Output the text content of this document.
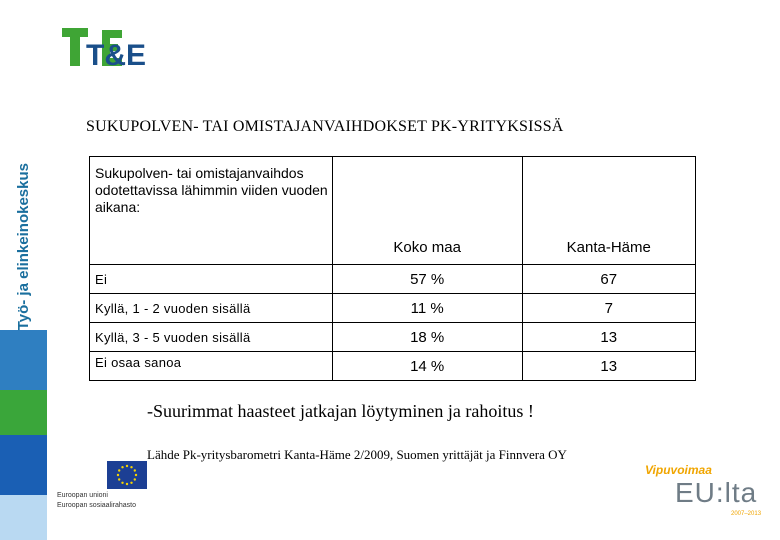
Työ- ja elinkeinokeskus
T&E
SUKUPOLVEN- TAI OMISTAJANVAIHDOKSET PK-YRITYKSISSÄ
Sukupolven- tai omistajanvaihdos odotettavissa lähimmin viiden vuoden aikana:	Koko maa	Kanta-Häme
Ei	57 %	67
Kyllä, 1 - 2 vuoden sisällä	11 %	7
Kyllä, 3 - 5 vuoden sisällä	18 %	13
Ei osaa sanoa	14 %	13
-Suurimmat haasteet jatkajan löytyminen ja rahoitus !
Lähde Pk-yritysbarometri Kanta-Häme 2/2009, Suomen yrittäjät ja Finnvera OY
Euroopan unioni
Euroopan sosiaalirahasto
Vipuvoimaa
EU:lta
2007–2013
